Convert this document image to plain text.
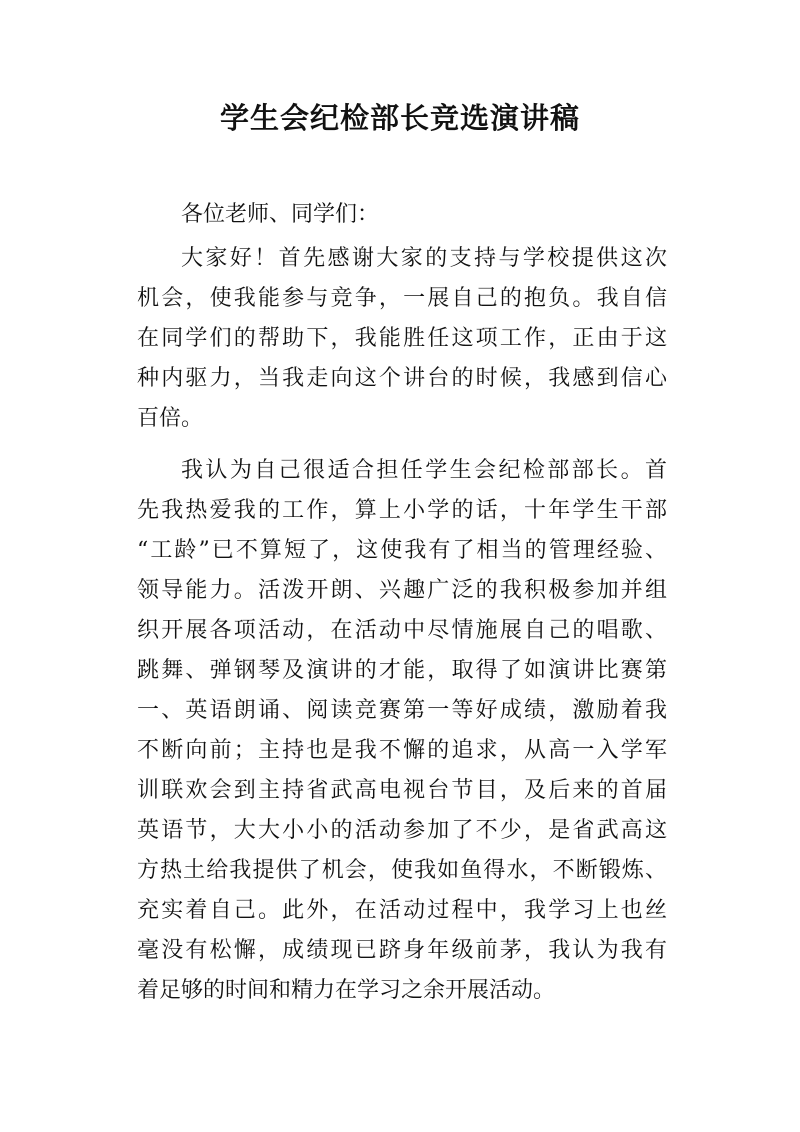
学生会纪检部长竞选演讲稿
各位老师、同学们：
大家好！首先感谢大家的支持与学校提供这次
机会，使我能参与竞争，一展自己的抱负。我自信
在同学们的帮助下，我能胜任这项工作，正由于这
种内驱力，当我走向这个讲台的时候，我感到信心
百倍。
我认为自己很适合担任学生会纪检部部长。首
先我热爱我的工作，算上小学的话，十年学生干部
“工龄”已不算短了，这使我有了相当的管理经验、
领导能力。活泼开朗、兴趣广泛的我积极参加并组
织开展各项活动，在活动中尽情施展自己的唱歌、
跳舞、弹钢琴及演讲的才能，取得了如演讲比赛第
一、英语朗诵、阅读竞赛第一等好成绩，激励着我
不断向前；主持也是我不懈的追求，从高一入学军
训联欢会到主持省武高电视台节目，及后来的首届
英语节，大大小小的活动参加了不少，是省武高这
方热土给我提供了机会，使我如鱼得水，不断锻炼、
充实着自己。此外，在活动过程中，我学习上也丝
毫没有松懈，成绩现已跻身年级前茅，我认为我有
着足够的时间和精力在学习之余开展活动。
